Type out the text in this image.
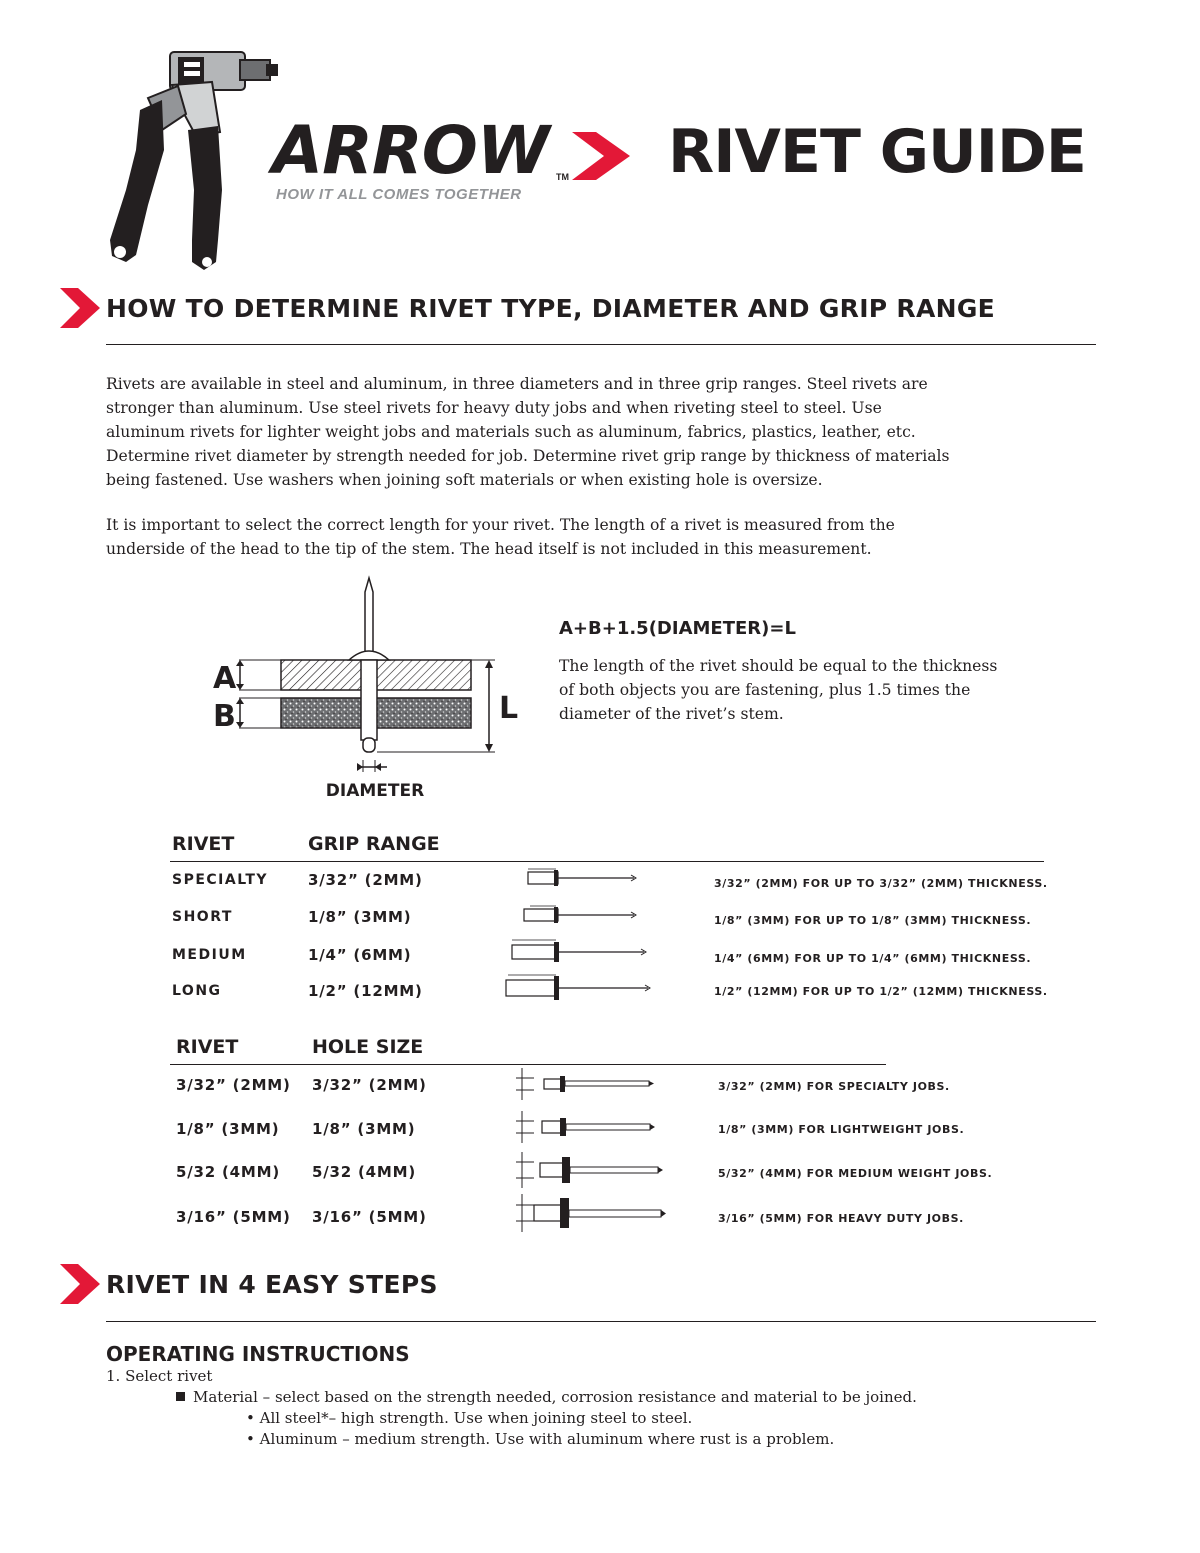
ARROW TM
HOW IT ALL COMES TOGETHER
RIVET GUIDE
HOW TO DETERMINE RIVET TYPE, DIAMETER AND GRIP RANGE
Rivets are available in steel and aluminum, in three diameters and in three grip ranges. Steel rivets are
stronger than aluminum. Use steel rivets for heavy duty jobs and when riveting steel to steel. Use
aluminum rivets for lighter weight jobs and materials such as aluminum, fabrics, plastics, leather, etc.
Determine rivet diameter by strength needed for job. Determine rivet grip range by thickness of materials
being fastened. Use washers when joining soft materials or when existing hole is oversize.
It is important to select the correct length for your rivet. The length of a rivet is measured from the
underside of the head to the tip of the stem. The head itself is not included in this measurement.
A
B	L
DIAMETER
A+B+1.5(DIAMETER)=L
The length of the rivet should be equal to the thickness
of both objects you are fastening, plus 1.5 times the
diameter of the rivet’s stem.
RIVET	GRIP RANGE
SPECIALTY	3/32” (2MM)	3/32” (2MM) FOR UP TO 3/32” (2MM) THICKNESS.
SHORT	1/8” (3MM)	1/8” (3MM) FOR UP TO 1/8” (3MM) THICKNESS.
MEDIUM	1/4” (6MM)	1/4” (6MM) FOR UP TO 1/4” (6MM) THICKNESS.
LONG	1/2” (12MM)	1/2” (12MM) FOR UP TO 1/2” (12MM) THICKNESS.
RIVET	HOLE SIZE
3/32” (2MM) 3/32” (2MM)	3/32” (2MM) FOR SPECIALTY JOBS.
1/8” (3MM) 1/8” (3MM)	1/8” (3MM) FOR LIGHTWEIGHT JOBS.
5/32 (4MM) 5/32 (4MM)	5/32” (4MM) FOR MEDIUM WEIGHT JOBS.
3/16” (5MM) 3/16” (5MM)	3/16” (5MM) FOR HEAVY DUTY JOBS.
RIVET IN 4 EASY STEPS
OPERATING INSTRUCTIONS
1. Select rivet
Material – select based on the strength needed, corrosion resistance and material to be joined.
• All steel*– high strength. Use when joining steel to steel.
• Aluminum – medium strength. Use with aluminum where rust is a problem.
